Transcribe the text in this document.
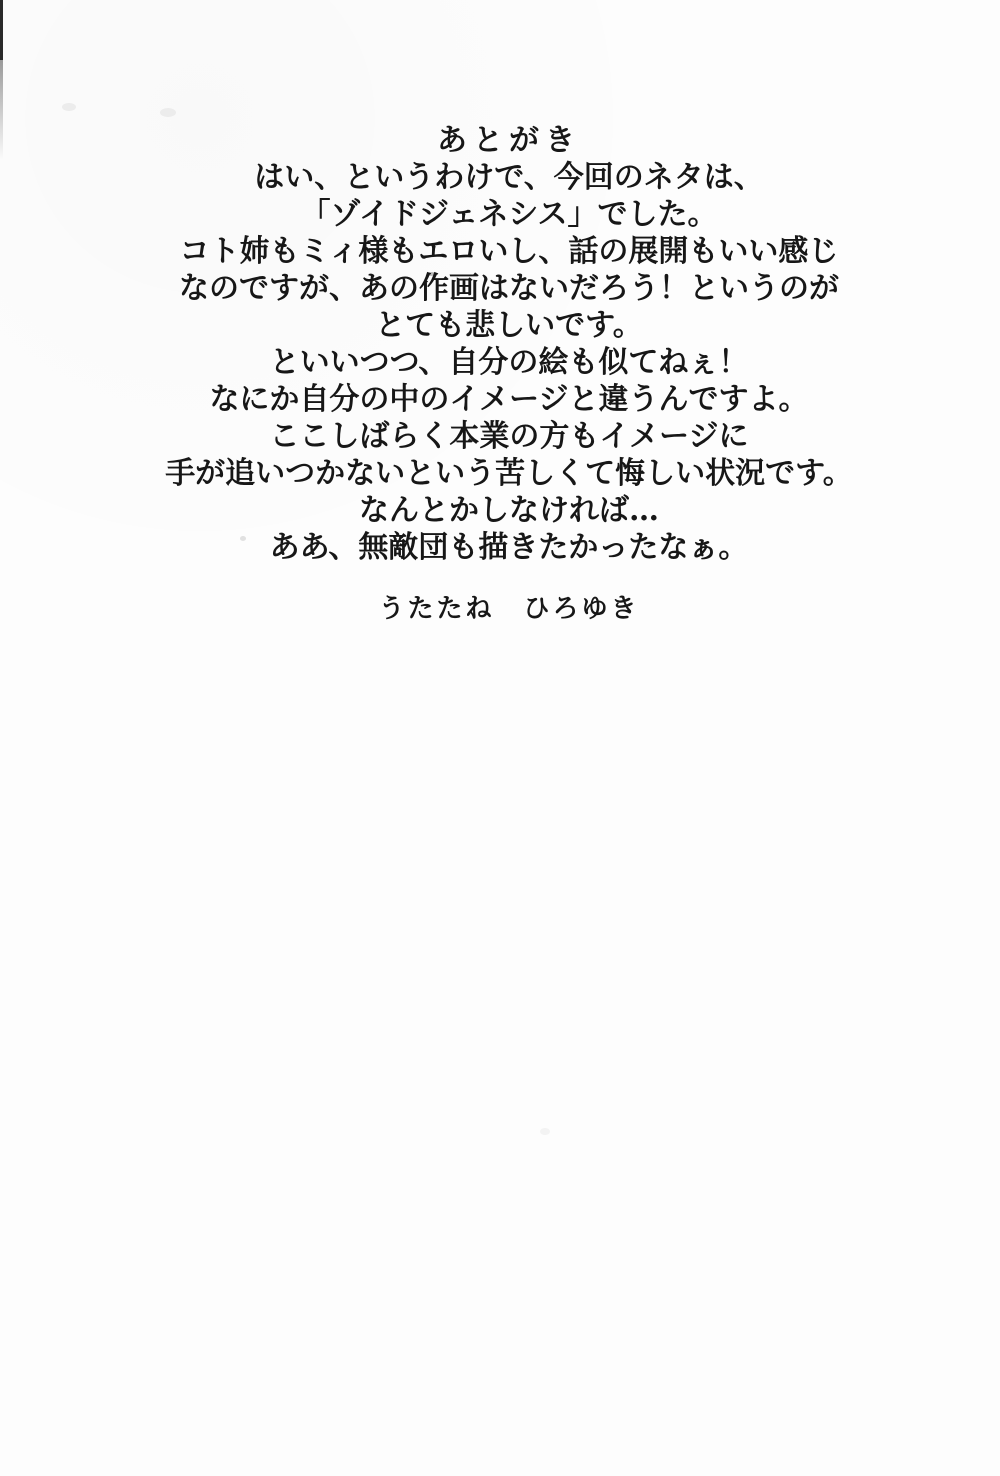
あとがき

はい、というわけで、今回のネタは、

「ゾイドジェネシス」でした。

コト姉もミィ様もエロいし、話の展開もいい感じ

なのですが、あの作画はないだろう！というのが

とても悲しいです。

といいつつ、自分の絵も似てねぇ！

なにか自分の中のイメージと違うんですよ。

ここしばらく本業の方もイメージに

手が追いつかないという苦しくて悔しい状況です。

なんとかしなければ…

ああ、無敵団も描きたかったなぁ。

うたたね　ひろゆき
